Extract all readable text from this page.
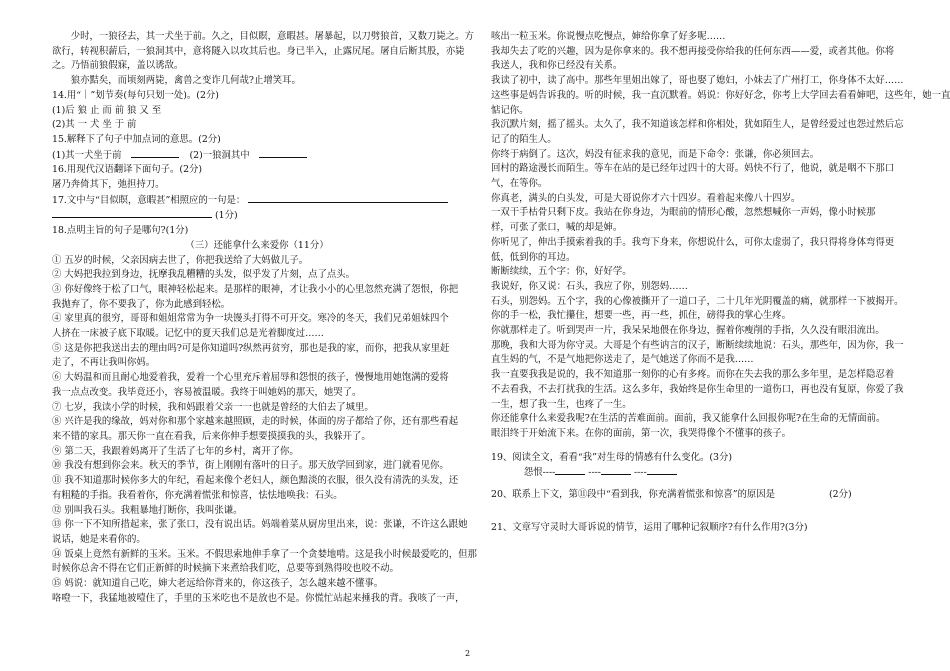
少时，一狼径去，其一犬坐于前。久之，目似瞑，意暇甚。屠暴起，以刀劈狼首，又数刀毙之。方

欲行，转视积薪后，一狼洞其中，意将隧入以攻其后也。身已半入，止露尻尾。屠自后断其股，亦毙

之。乃悟前狼假寐，盖以诱敌。

狼亦黠矣，而顷刻两毙，禽兽之变诈几何哉?止增笑耳。

14.用“｜”划节奏(每句只划一处)。(2分)

(1)后 狼 止 而 前 狼 又 至

(2)其 一 犬 坐 于 前

15.解释下了句子中加点词的意思。(2分)

(1)其一犬坐于前	(2)一狼洞其中

16.用现代汉语翻译下面句子。(2分)

屠乃奔倚其下，弛担持刀。

17.文中与“目似瞑，意暇甚”相照应的一句是：

(1分)

18.点明主旨的句子是哪句?(1分)

（三）还能拿什么来爱你（11分）

① 五岁的时候，父亲因病去世了，你把我送给了大妈做儿子。

② 大妈把我拉到身边，抚摩我乱糟糟的头发，似乎发了片刻，点了点头。

③ 你好像终于松了口气，眼神轻松起来。是那样的眼神，才让我小小的心里忽然充满了怨恨，你把

我抛弃了，你不要我了，你为此感到轻松。

④ 家里真的很穷，哥哥和姐姐常常为争一块馒头打得不可开交。寒冷的冬天，我们兄弟姐妹四个

人挤在一床被子底下取暖。记忆中的夏天我们总是光着脚度过……

⑤ 这是你把我送出去的理由吗?可是你知道吗?纵然再贫穷，那也是我的家，而你，把我从家里赶

走了，不再让我叫你妈。

⑥ 大妈温和而且耐心地爱着我，爱着一个心里充斥着屈辱和怨恨的孩子，慢慢地用她饱满的爱将

我一点点改变。我毕竟还小，容易被温暖。我终于叫她妈的那天，她哭了。

⑦ 七岁，我读小学的时候，我和妈跟着父亲一一也就是曾经的大伯去了城里。

⑧ 兴许是我的缘故，妈对你和那个家越来越照顾，走的时候，体面的房子都给了你，还有那些看起

来不错的家具。那天你一直在看我，后来你伸手想要摸摸我的头，我躲开了。

⑨ 第二天，我跟着妈离开了生活了七年的乡村，离开了你。

⑩ 我没有想到你会来。秋天的季节，街上刚刚有落叶的日子。那天放学回到家，进门就看见你。

⑪ 我不知道那时候你多大的年纪，看起来像个老妇人，颜色黯淡的衣服，很久没有清洗的头发，还

有粗糙的手指。我看着你，你充满着慌张和惊喜，怯怯地唤我：石头。

⑫ 别叫我石头。我粗暴地打断你，我叫张谦。

⑬ 你一下不知所措起来，张了张口，没有说出话。妈端着菜从厨房里出来，说：张谦，不许这么跟她

说话，她是来看你的。

⑭ 饭桌上竟然有新鲜的玉米。玉米。不假思索地伸手拿了一个贪婪地啃。这是我小时候最爱吃的，但那

时候你总舍不得在它们正新鲜的时候摘下来煮给我们吃，总要等到熟得咬也咬不动。

⑮ 妈说：就知道自己吃，婶大老远给你背来的，你这孩子，怎么越来越不懂事。

咯噔一下，我猛地被噎住了，手里的玉米吃也不是放也不是。你慌忙站起来捶我的背。我咳了一声，

咳出一粒玉米。你说慢点吃慢点，婶给你拿了好多呢……

我却失去了吃的兴趣，因为是你拿来的。我不想再接受你给我的任何东西——爱，或者其他。你将

我送人，我和你已经没有关系。

我读了初中，读了高中。那些年里姐出嫁了，哥也娶了媳妇，小妹去了广州打工，你身体不太好……

这些事是妈告诉我的。听的时候，我一直沉默着。妈说：你好好念，你考上大学回去看看婶吧，这些年，她一直

惦记你。

我沉默片刻，摇了摇头。太久了，我不知道该怎样和你相处，犹如陌生人，是曾经爱过也怨过然后忘

记了的陌生人。

你终于病倒了。这次，妈没有征求我的意见，而是下命令：张谦，你必须回去。

回村的路途漫长而陌生。等车在站的是已经年过四十的大哥。妈快不行了，他说，就是咽不下那口

气，在等你。

你真老，满头的白头发，可是大哥说你才六十四岁。看着起来像八十四岁。

一双干手枯骨只剩下皮。我站在你身边，为眼前的情形心酸，忽然想喊你一声妈，像小时候那

样，可张了张口，喊的却是婶。

你听见了，伸出手摸索着我的手。我弯下身来，你想说什么，可你太虚弱了，我只得将身体弯得更

低，低到你的耳边。

断断续续，五个字：你，好好学。

我说好，你又说：石头，我应了你，别怨妈……

石头，别怨妈。五个字，我的心像被撕开了一道口子，二十几年光阴覆盖的痛，就那样一下被揭开。

你的手一松，我忙攥住，想要一些，再一些，抓住，磅得我的掌心生疼。

你就那样走了。听到哭声一片，我呆呆地偎在你身边，握着你瘦削的手指，久久没有眼泪流出。

那晚，我和大哥为你守灵。大哥是个有些讷言的汉子，断断续续地说：石头，那些年，因为你，我一

直生妈的气，不是气地把你送走了，是气她送了你而不是我……

我一直要我我是说的，我不知道那一刻你的心有多疼。而你在失去我的那么多年里，是怎样隐忍着

不去看我，不去打扰我的生活。这么多年，我始终是你生命里的一道伤口，再也没有复原，你爱了我

一生，想了我一生，也疼了一生。

你还能拿什么来爱我呢?在生活的苦难面前。面前，我又能拿什么回报你呢?在生命的无情面前。

眼泪终于开始流下来。在你的面前，第一次，我哭得像个不懂事的孩子。

19、阅读全文，看看“我”对生母的情感有什么变化。(3分)

怨恨----	----	----

20、联系上下文，第⑪段中“看到我，你充满着慌张和惊喜”的原因是	(2分)

21、文章写守灵时大哥诉说的情节，运用了哪种记叙顺序?有什么作用?(3分)

2
